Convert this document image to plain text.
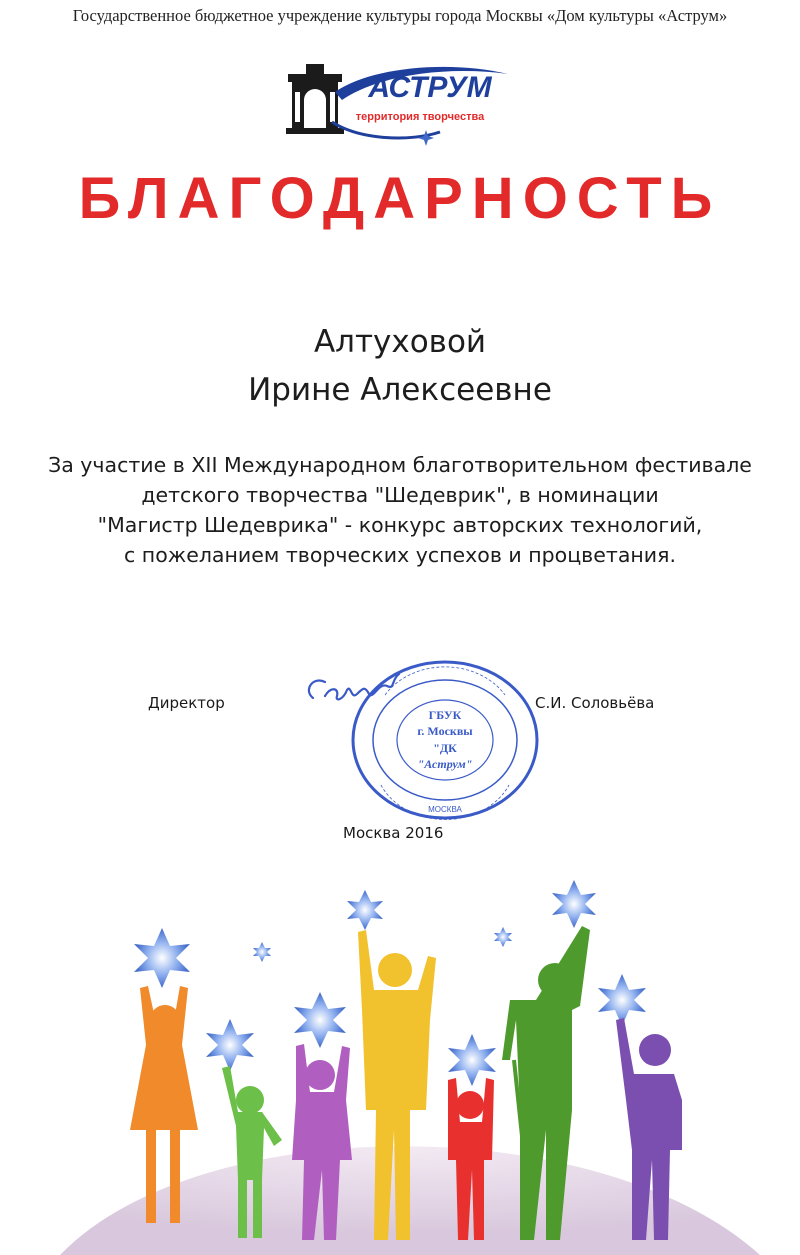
Государственное бюджетное учреждение культуры города Москвы «Дом культуры «Аструм»
АСТРУМ
территория творчества
БЛАГОДАРНОСТЬ
Алтуховой
Ирине Алексеевне
За участие в XII Международном благотворительном фестивале
детского творчества "Шедеврик", в номинации
"Магистр Шедеврика" - конкурс авторских технологий,
с пожеланием творческих успехов и процветания.
Директор
ГБУК
г. Москвы
"ДК
"Аструм"
МОСКВА
С.И. Соловьёва
Москва 2016
